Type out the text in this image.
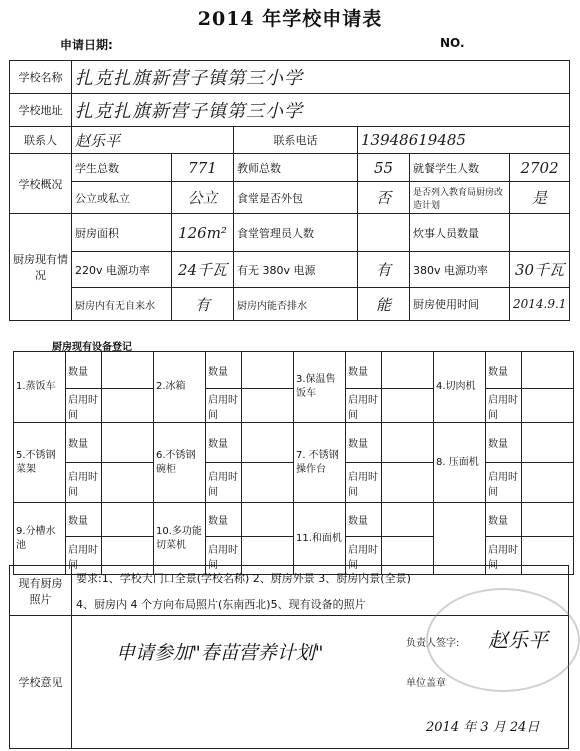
2014 年学校申请表
申请日期:	NO.
学校名称	扎克扎旗新营子镇第三小学					
学校地址	扎克扎旗新营子镇第三小学					
联系人	赵乐平		联系电话	13948619485		
学校概况	学生总数	771	教师总数	55	就餐学生人数	2702
	公立或私立	公立	食堂是否外包	否	是否列入教育局厨房改造计划	是
厨房现有情况	厨房面积	126m²	食堂管理员人数		炊事人员数量	
	220v 电源功率	24千瓦	有无 380v 电源	有	380v 电源功率	30千瓦
	厨房内有无自来水	有	厨房内能否排水	能	厨房使用时间	2014.9.1
厨房现有设备登记
1.蒸饭车	数量		2.冰箱	数量		3.保温售饭车	数量		4.切肉机	数量	
	启用时间			启用时间			启用时间			启用时间	
5.不锈钢菜架	数量		6.不锈钢碗柜	数量		7. 不锈钢操作台	数量		8. 压面机	数量	
	启用时间			启用时间			启用时间			启用时间	
9.分槽水池	数量		10.多功能切菜机	数量		11.和面机	数量			数量	
	启用时间			启用时间			启用时间			启用时间	
现有厨房照片	要求:1、学校大门口全景(学校名称) 2、厨房外景 3、厨房内景(全景)
4、厨房内 4 个方向布局照片(东南西北)5、现有设备的照片

学校意见	申请参加"春苗营养计划" 负责人签字: 赵乐平
单位盖章
2014 年 3 月 24日
